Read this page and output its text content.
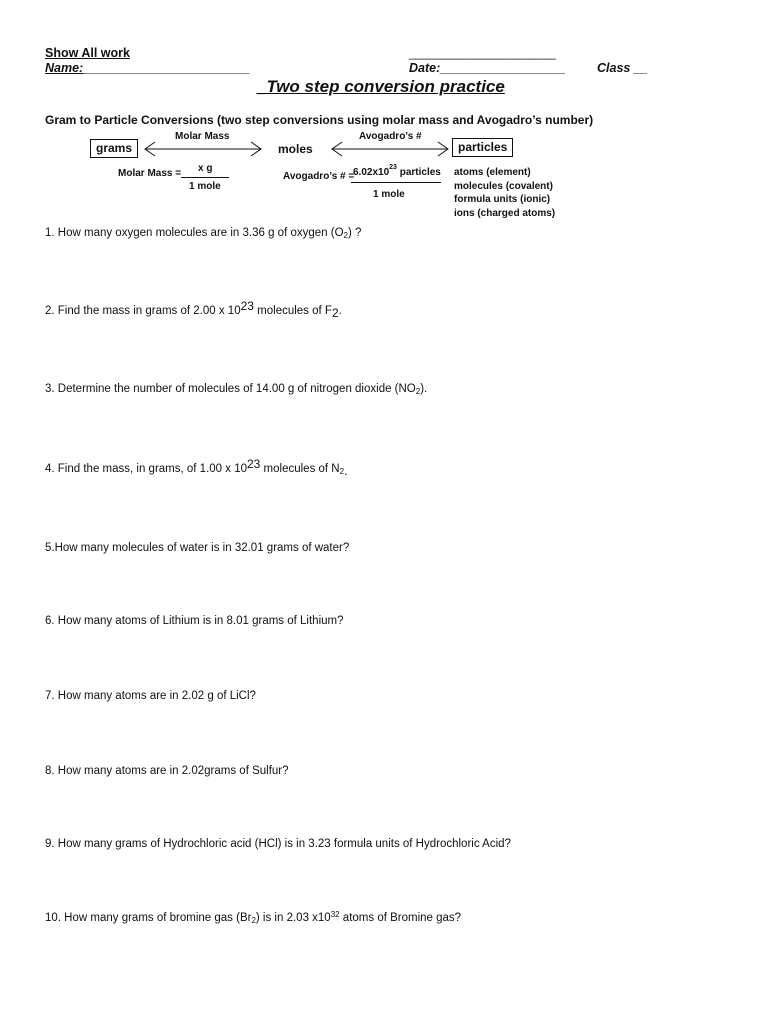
Show All work
Name:________________________
______________________
Date:__________________	Class __
_Two step conversion practice
Gram to Particle Conversions (two step conversions using molar mass and Avogadro’s number)
Molar Mass	Avogadro’s #
grams	moles	particles
Molar Mass = x g
1 mole
Avogadro’s # =
$6.02x10^{23}$ particles
1 mole
atoms (element)
molecules (covalent)
formula units (ionic)
ions (charged atoms)
1. How many oxygen molecules are in 3.36 g of oxygen (O2) ?
2. Find the mass in grams of 2.00 x $10^{23}$ molecules of $F_2$.
3. Determine the number of molecules of 14.00 g of nitrogen dioxide (NO2).
4. Find the mass, in grams, of 1.00 x $10^{23}$ molecules of $N2_.$
5.How many molecules of water is in 32.01 grams of water?
6. How many atoms of Lithium is in 8.01 grams of Lithium?
7. How many atoms are in 2.02 g of LiCl?
8. How many atoms are in 2.02grams of Sulfur?
9. How many grams of Hydrochloric acid (HCl) is in 3.23 formula units of Hydrochloric Acid?
10. How many grams of bromine gas (Br2) is in 2.03 $x10^{32}$ atoms of Bromine gas?
